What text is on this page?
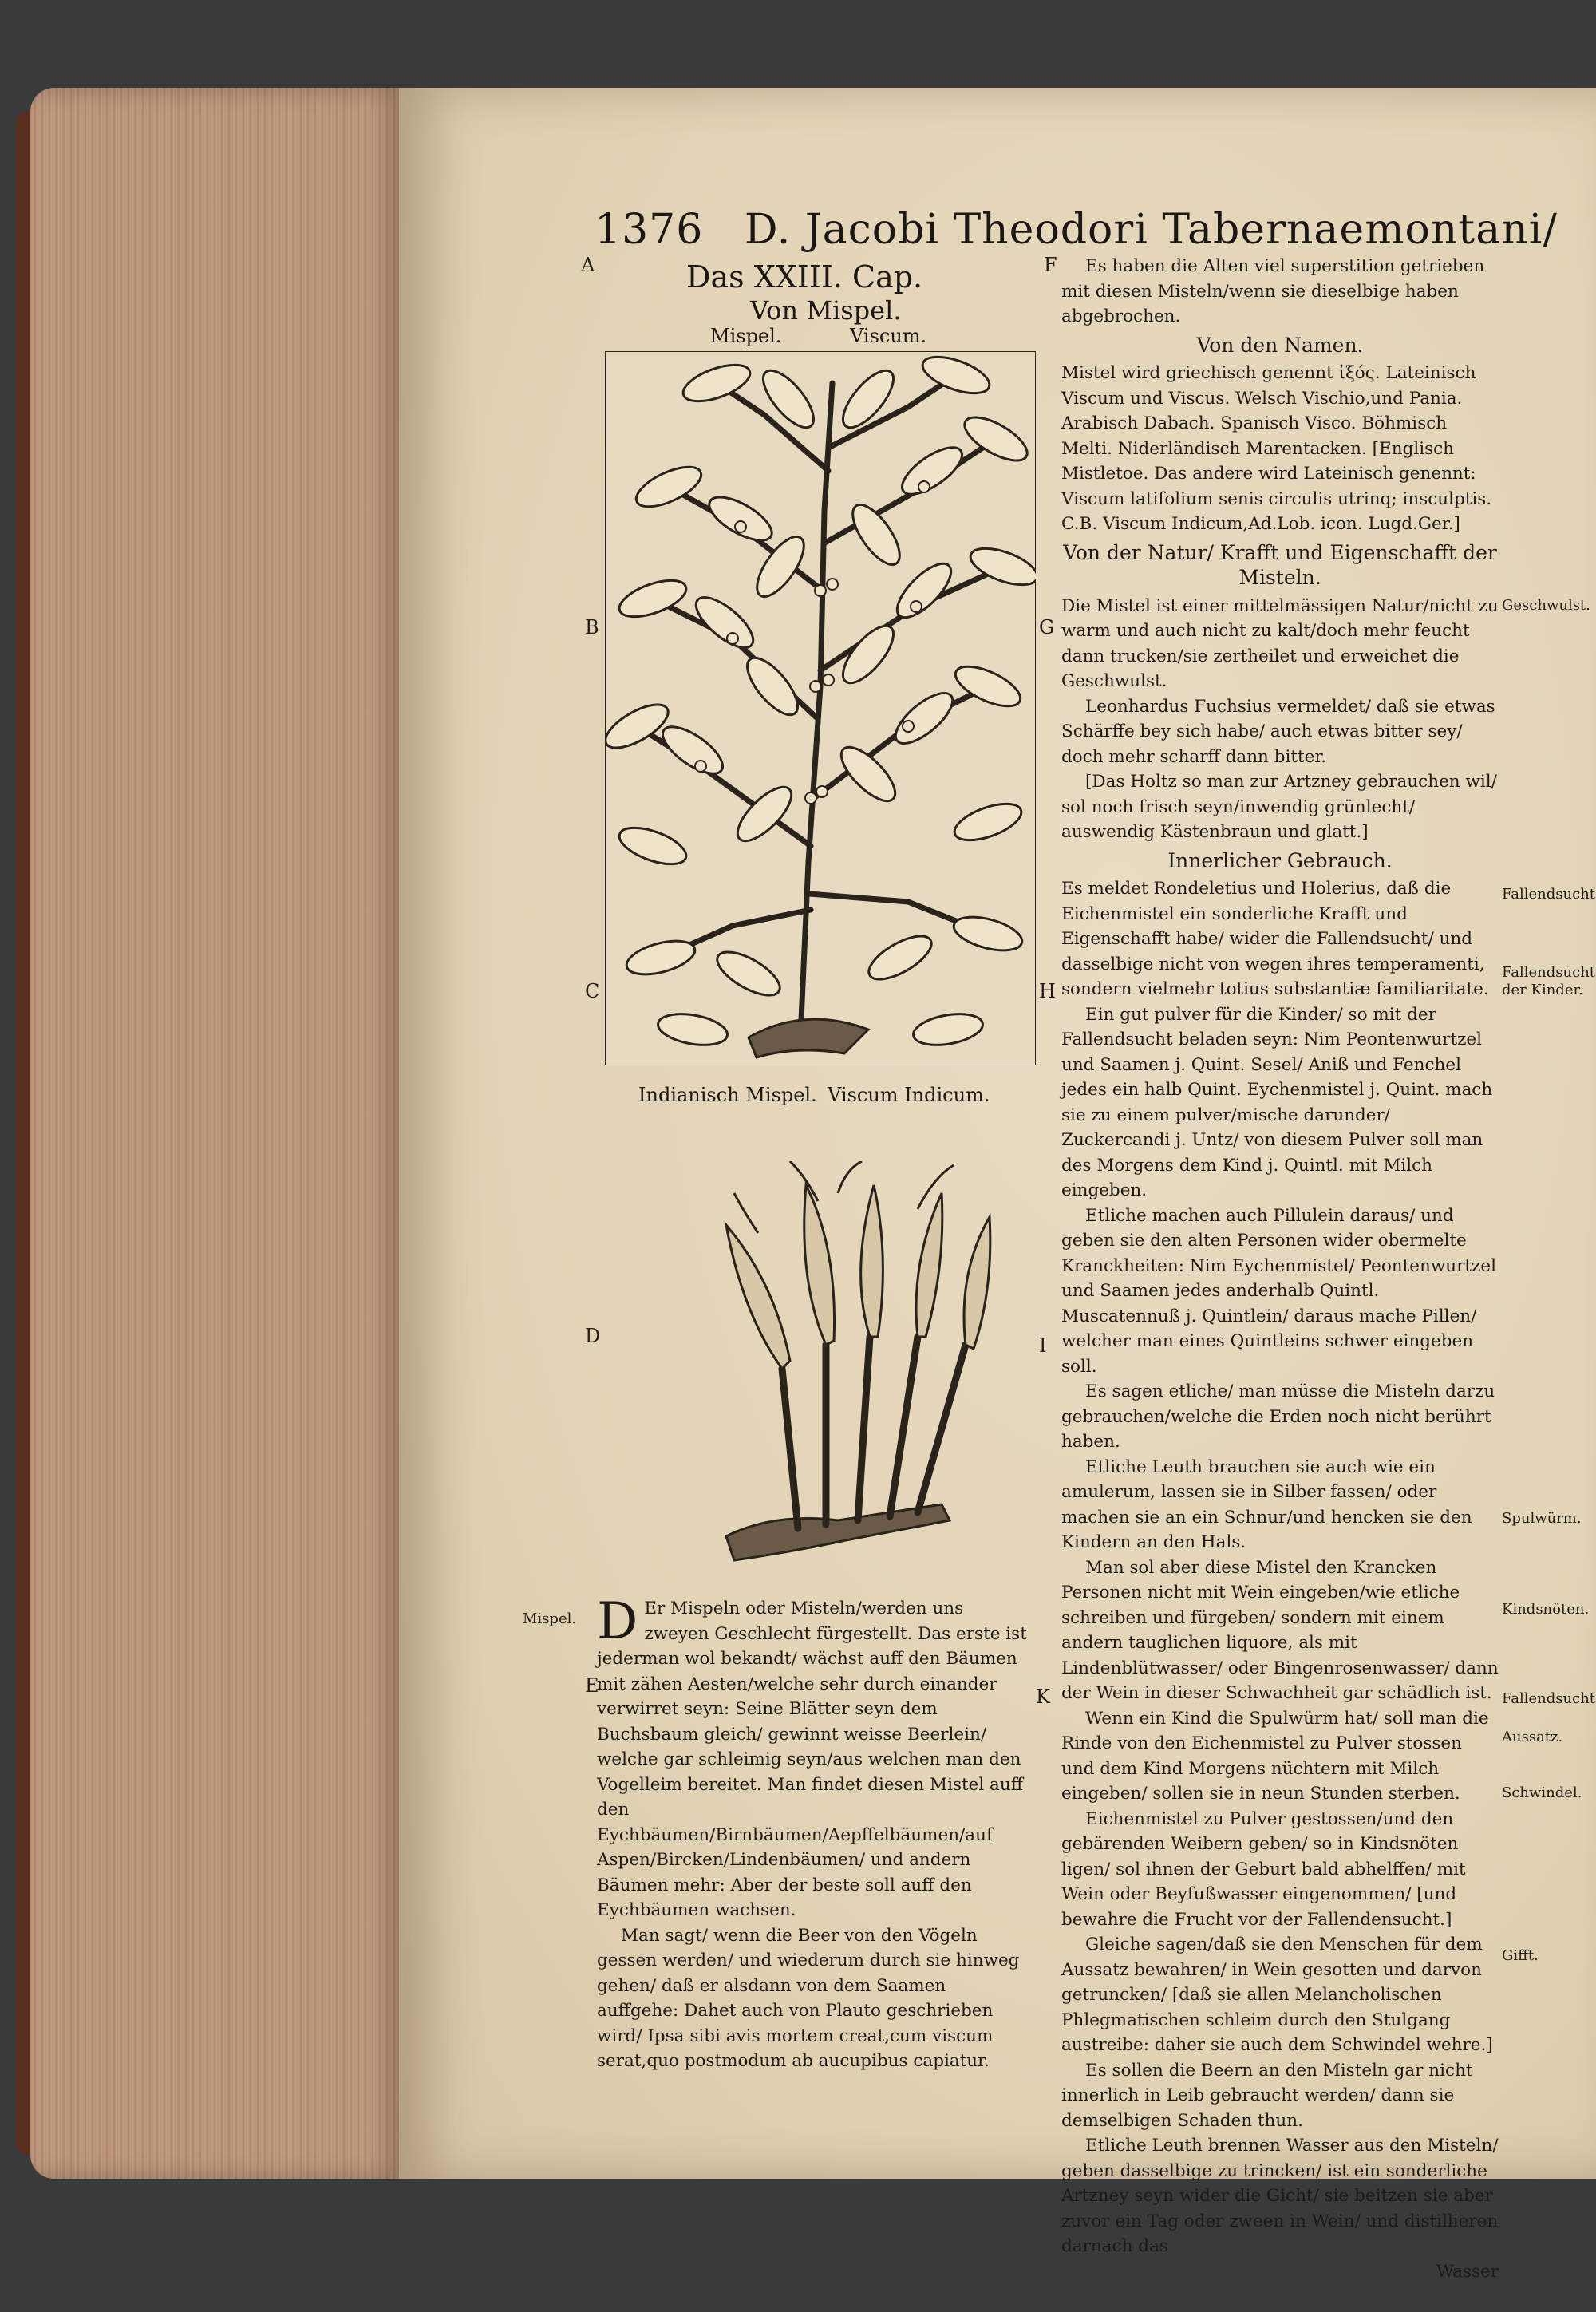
1376 D. Jacobi Theodori Tabernaemontani/
A
B
C
D
E
F
G
H
I
K
Das XXIII. Cap.
Von Mispel.
Mispel.	Viscum.
Indianisch Mispel. Viscum Indicum.
Mispel. D Er Mispeln oder Misteln/werden uns zweyen Geschlecht fürgestellt. Das erste ist jederman wol bekandt/ wächst auff den Bäumen mit zähen Aesten/welche sehr durch einander verwirret seyn: Seine Blätter seyn dem Buchsbaum gleich/ gewinnt weisse Beerlein/ welche gar schleimig seyn/aus welchen man den Vogelleim bereitet. Man findet diesen Mistel auff den Eychbäumen/Birnbäumen/Aepffelbäumen/auf Aspen/Bircken/Lindenbäumen/ und andern Bäumen mehr: Aber der beste soll auff den Eychbäumen wachsen.

Man sagt/ wenn die Beer von den Vögeln gessen werden/ und wiederum durch sie hinweg gehen/ daß er alsdann von dem Saamen auffgehe: Dahet auch von Plauto geschrieben wird/ Ipsa sibi avis mortem creat,cum viscum serat,quo postmodum ab aucupibus capiatur.

Es haben die Alten viel superstition getrieben mit diesen Misteln/wenn sie dieselbige haben abgebrochen.

Von den Namen.

Mistel wird griechisch genennt ἰξός. Lateinisch Viscum und Viscus. Welsch Vischio,und Pania. Arabisch Dabach. Spanisch Visco. Böhmisch Melti. Niderländisch Marentacken. [Englisch Mistletoe. Das andere wird Lateinisch genennt: Viscum latifolium senis circulis utrinq; insculptis. C.B. Viscum Indicum,Ad.Lob. icon. Lugd.Ger.]

Von der Natur/ Krafft und Eigenschafft der Misteln.

Die Mistel ist einer mittelmässigen Natur/nicht zu warm und auch nicht zu kalt/doch mehr feucht dann trucken/sie zertheilet und erweichet die Geschwulst.

Leonhardus Fuchsius vermeldet/ daß sie etwas Schärffe bey sich habe/ auch etwas bitter sey/ doch mehr scharff dann bitter.

[Das Holtz so man zur Artzney gebrauchen wil/ sol noch frisch seyn/inwendig grünlecht/ auswendig Kästenbraun und glatt.]

Innerlicher Gebrauch.

Es meldet Rondeletius und Holerius, daß die Eichenmistel ein sonderliche Krafft und Eigenschafft habe/ wider die Fallendsucht/ und dasselbige nicht von wegen ihres temperamenti, sondern vielmehr totius substantiæ familiaritate.

Ein gut pulver für die Kinder/ so mit der Fallendsucht beladen seyn: Nim Peontenwurtzel und Saamen j. Quint. Sesel/ Aniß und Fenchel jedes ein halb Quint. Eychenmistel j. Quint. mach sie zu einem pulver/mische darunder/ Zuckercandi j. Untz/ von diesem Pulver soll man des Morgens dem Kind j. Quintl. mit Milch eingeben.

Etliche machen auch Pillulein daraus/ und geben sie den alten Personen wider obermelte Kranckheiten: Nim Eychenmistel/ Peontenwurtzel und Saamen jedes anderhalb Quintl. Muscatennuß j. Quintlein/ daraus mache Pillen/ welcher man eines Quintleins schwer eingeben soll.

Es sagen etliche/ man müsse die Misteln darzu gebrauchen/welche die Erden noch nicht berührt haben.

Etliche Leuth brauchen sie auch wie ein amulerum, lassen sie in Silber fassen/ oder machen sie an ein Schnur/und hencken sie den Kindern an den Hals.

Man sol aber diese Mistel den Krancken Personen nicht mit Wein eingeben/wie etliche schreiben und fürgeben/ sondern mit einem andern tauglichen liquore, als mit Lindenblütwasser/ oder Bingenrosenwasser/ dann der Wein in dieser Schwachheit gar schädlich ist.

Wenn ein Kind die Spulwürm hat/ soll man die Rinde von den Eichenmistel zu Pulver stossen und dem Kind Morgens nüchtern mit Milch eingeben/ sollen sie in neun Stunden sterben.

Eichenmistel zu Pulver gestossen/und den gebärenden Weibern geben/ so in Kindsnöten ligen/ sol ihnen der Geburt bald abhelffen/ mit Wein oder Beyfußwasser eingenommen/ [und bewahre die Frucht vor der Fallendensucht.]

Gleiche sagen/daß sie den Menschen für dem Aussatz bewahren/ in Wein gesotten und darvon getruncken/ [daß sie allen Melancholischen Phlegmatischen schleim durch den Stulgang austreibe: daher sie auch dem Schwindel wehre.]

Es sollen die Beern an den Misteln gar nicht innerlich in Leib gebraucht werden/ dann sie demselbigen Schaden thun.

Etliche Leuth brennen Wasser aus den Misteln/ geben dasselbige zu trincken/ ist ein sonderliche Artzney seyn wider die Gicht/ sie beitzen sie aber zuvor ein Tag oder zween in Wein/ und distillieren darnach das

Wasser

Geschwulst.
Fallendsucht
Fallendsucht der Kinder.
Spulwürm.
Kindsnöten.
Fallendsucht
Aussatz.
Schwindel.
Gifft.
